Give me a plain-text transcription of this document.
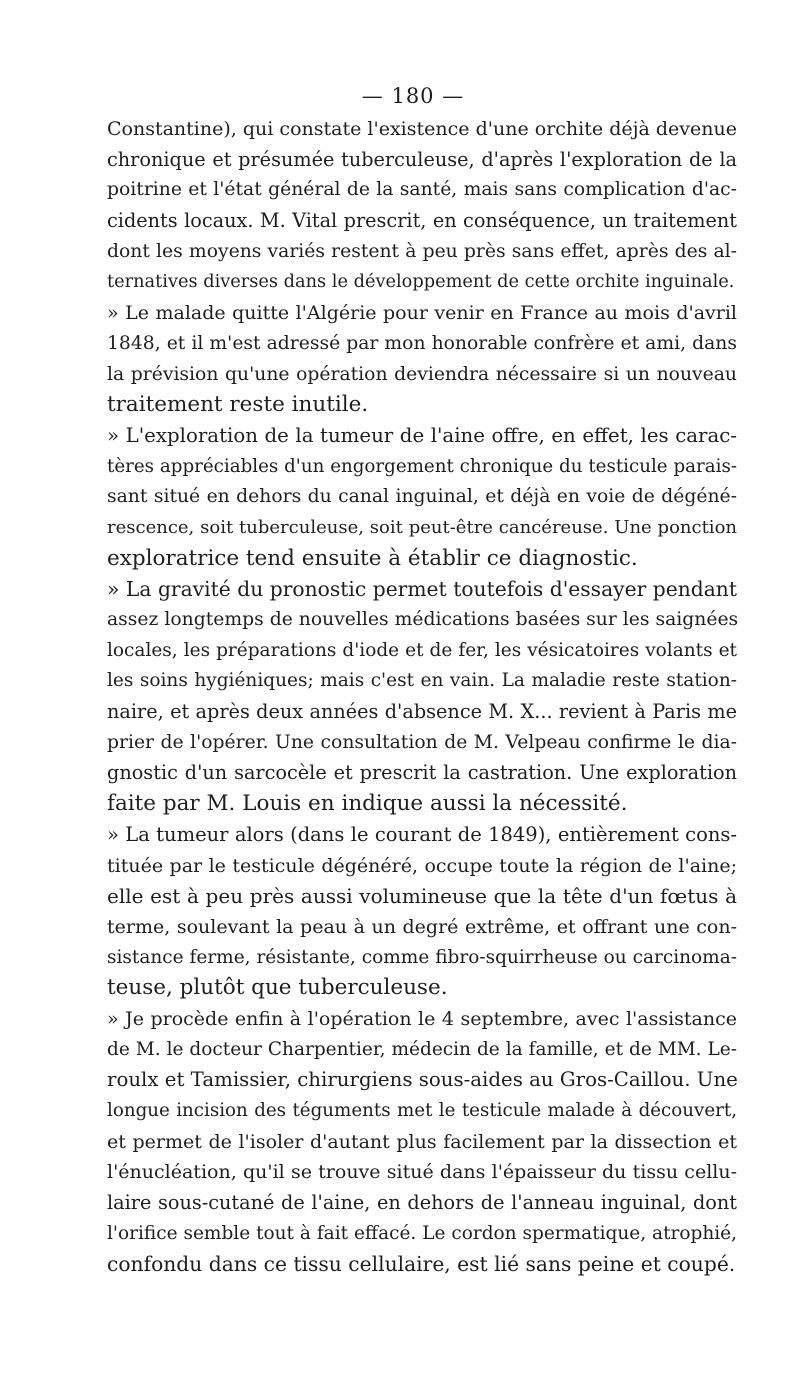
— 180 —
Constantine), qui constate l'existence d'une orchite déjà devenue
chronique et présumée tuberculeuse, d'après l'exploration de la
poitrine et l'état général de la santé, mais sans complication d'ac-
cidents locaux. M. Vital prescrit, en conséquence, un traitement
dont les moyens variés restent à peu près sans effet, après des al-
ternatives diverses dans le développement de cette orchite inguinale.
» Le malade quitte l'Algérie pour venir en France au mois d'avril
1848, et il m'est adressé par mon honorable confrère et ami, dans
la prévision qu'une opération deviendra nécessaire si un nouveau
traitement reste inutile.
» L'exploration de la tumeur de l'aine offre, en effet, les carac-
tères appréciables d'un engorgement chronique du testicule parais-
sant situé en dehors du canal inguinal, et déjà en voie de dégéné-
rescence, soit tuberculeuse, soit peut-être cancéreuse. Une ponction
exploratrice tend ensuite à établir ce diagnostic.
» La gravité du pronostic permet toutefois d'essayer pendant
assez longtemps de nouvelles médications basées sur les saignées
locales, les préparations d'iode et de fer, les vésicatoires volants et
les soins hygiéniques; mais c'est en vain. La maladie reste station-
naire, et après deux années d'absence M. X... revient à Paris me
prier de l'opérer. Une consultation de M. Velpeau confirme le dia-
gnostic d'un sarcocèle et prescrit la castration. Une exploration
faite par M. Louis en indique aussi la nécessité.
» La tumeur alors (dans le courant de 1849), entièrement cons-
tituée par le testicule dégénéré, occupe toute la région de l'aine;
elle est à peu près aussi volumineuse que la tête d'un fœtus à
terme, soulevant la peau à un degré extrême, et offrant une con-
sistance ferme, résistante, comme fibro-squirrheuse ou carcinoma-
teuse, plutôt que tuberculeuse.
» Je procède enfin à l'opération le 4 septembre, avec l'assistance
de M. le docteur Charpentier, médecin de la famille, et de MM. Le-
roulx et Tamissier, chirurgiens sous-aides au Gros-Caillou. Une
longue incision des téguments met le testicule malade à découvert,
et permet de l'isoler d'autant plus facilement par la dissection et
l'énucléation, qu'il se trouve situé dans l'épaisseur du tissu cellu-
laire sous-cutané de l'aine, en dehors de l'anneau inguinal, dont
l'orifice semble tout à fait effacé. Le cordon spermatique, atrophié,
confondu dans ce tissu cellulaire, est lié sans peine et coupé.
